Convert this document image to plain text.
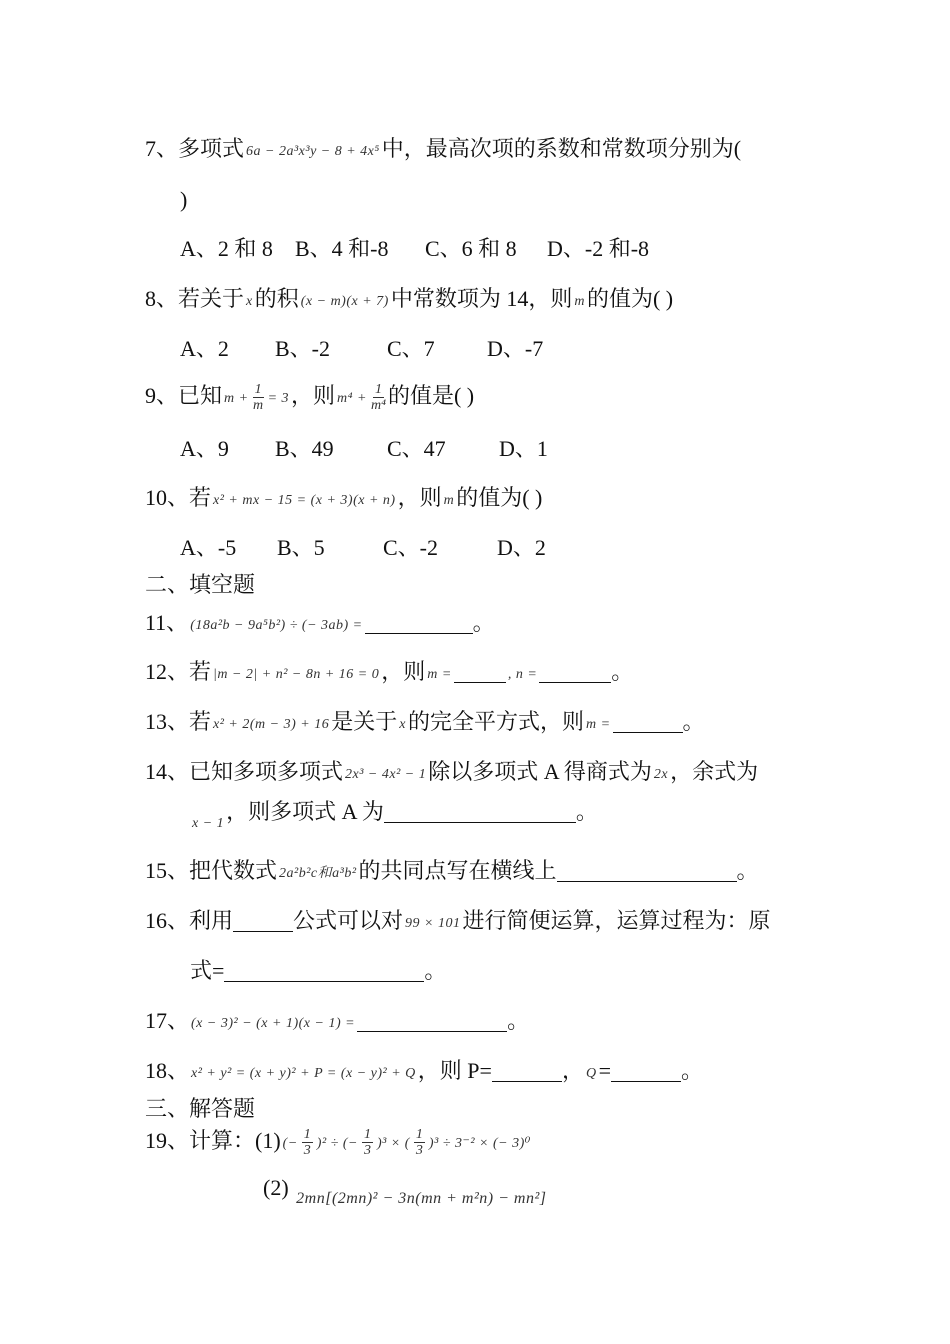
7、多项式 6a − 2a³x³y − 8 + 4x⁵中，最高次项的系数和常数项分别为(
)
A、2 和 8 B、4 和-8 C、6 和 8 D、-2 和-8
8、若关于 x的积 (x − m)(x + 7)中常数项为 14，则 m的值为( )
A、2 B、-2	C、7 D、-7
9、已知 $m + \frac{1}{m} = 3$，则 $m^4 + \frac{1}{\text{m⁴}}$ 的值是( )
A、9 B、49 C、47 D、1
10、若 x² + mx − 15 = (x + 3)(x + n)，则 m的值为( )
A、-5 B、5	C、-2	D、2
二、填空题
11、 (18a²b − 9a⁵b²) ÷ (− 3ab) =	。
12、若 |m − 2| + n² − 8n + 16 = 0，则 m =	, n =	。
13、若 x² + 2(m − 3) + 16是关于 x的完全平方式，则 m =	。
14、已知多项多项式 2x³ − 4x² − 1除以多项式 A 得商式为 2x，余式为
$_{x - 1}$，则多项式 A 为	。
15、把代数式 2a²b²c和a³b²的共同点写在横线上	。
16、利用	公式可以对 99 × 101进行简便运算，运算过程为：原
式=	。
17、 (x − 3)² − (x + 1)(x − 1) =	。
18、 x² + y² = (x + y)² + P = (x − y)² + Q，则 P=	， Q=	。
三、解答题
19、计算：(1) (− $\frac{1}{3} )^2$ ÷ (− $\frac{1}{3} )^3$ × ( $\frac{1}{3} )^3 \div 3^{-2}$ × (− 3)⁰
(2) $_{2mn[(2mn)^2 - 3n(mn + m^2n) - mn^2]}$
